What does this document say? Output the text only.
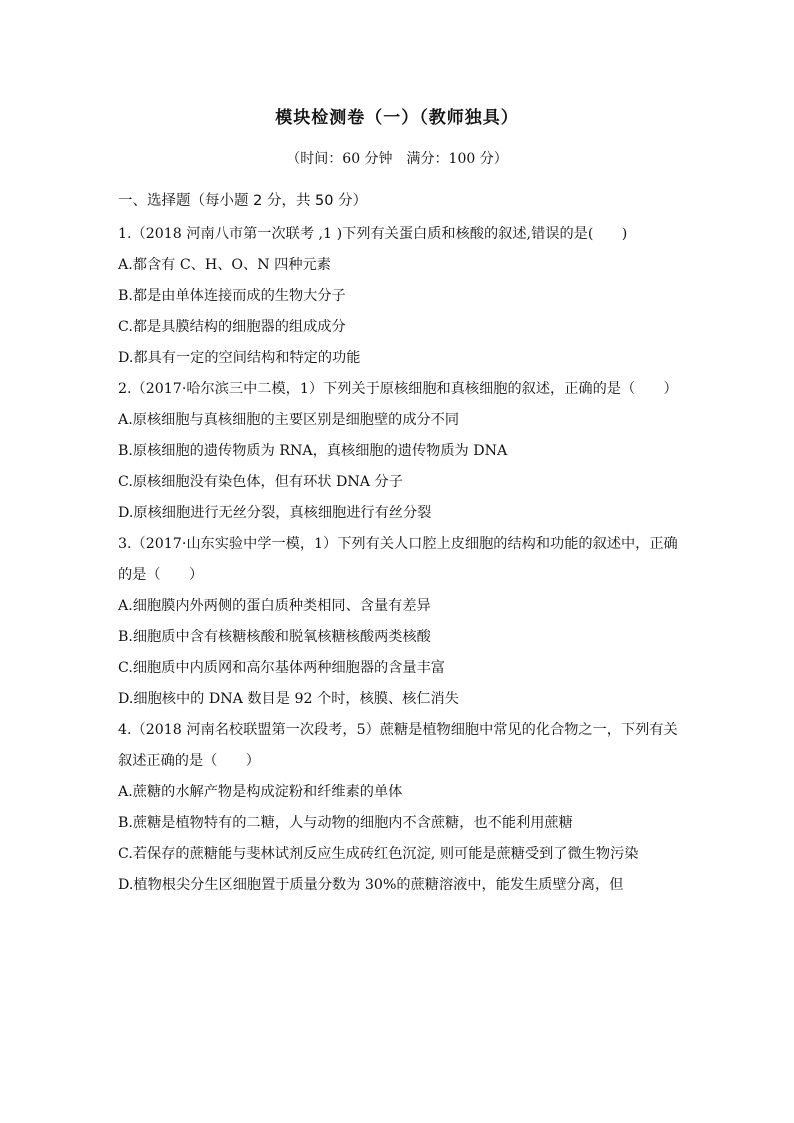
模块检测卷（一）（教师独具）
（时间：60 分钟　满分：100 分）
一、选择题（每小题 2 分，共 50 分）
1.（2018 河南八市第一次联考 ,1 )下列有关蛋白质和核酸的叙述,错误的是(　　)
A.都含有 C、H、O、N 四种元素
B.都是由单体连接而成的生物大分子
C.都是具膜结构的细胞器的组成成分
D.都具有一定的空间结构和特定的功能
2.（2017·哈尔滨三中二模，1）下列关于原核细胞和真核细胞的叙述，正确的是（　　）
A.原核细胞与真核细胞的主要区别是细胞壁的成分不同
B.原核细胞的遗传物质为 RNA，真核细胞的遗传物质为 DNA
C.原核细胞没有染色体，但有环状 DNA 分子
D.原核细胞进行无丝分裂，真核细胞进行有丝分裂
3.（2017·山东实验中学一模，1）下列有关人口腔上皮细胞的结构和功能的叙述中，正确的是（　　）
A.细胞膜内外两侧的蛋白质种类相同、含量有差异
B.细胞质中含有核糖核酸和脱氧核糖核酸两类核酸
C.细胞质中内质网和高尔基体两种细胞器的含量丰富
D.细胞核中的 DNA 数目是 92 个时，核膜、核仁消失
4.（2018 河南名校联盟第一次段考，5）蔗糖是植物细胞中常见的化合物之一，下列有关叙述正确的是（　　）
A.蔗糖的水解产物是构成淀粉和纤维素的单体
B.蔗糖是植物特有的二糖，人与动物的细胞内不含蔗糖，也不能利用蔗糖
C.若保存的蔗糖能与斐林试剂反应生成砖红色沉淀, 则可能是蔗糖受到了微生物污染
D.植物根尖分生区细胞置于质量分数为 30%的蔗糖溶液中，能发生质壁分离，但
